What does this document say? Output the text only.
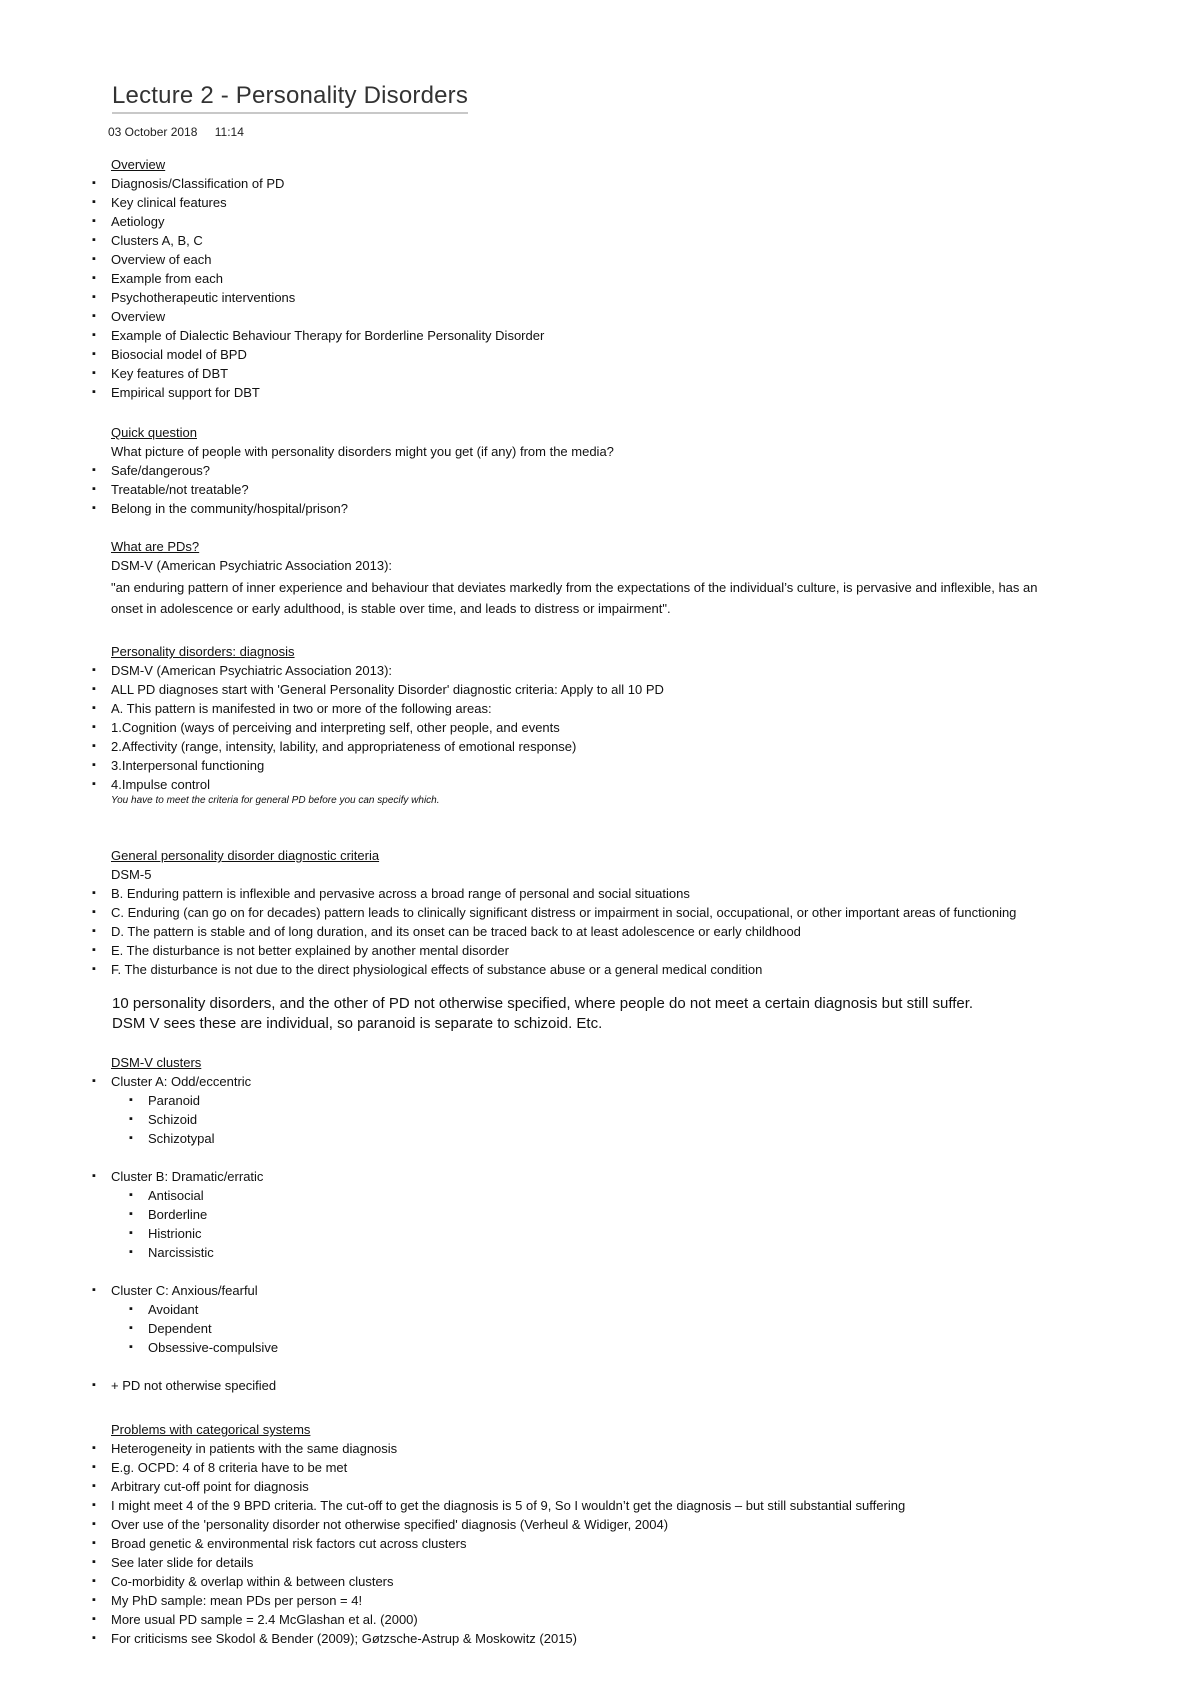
Lecture 2 - Personality Disorders
03 October 2018 11:14
Overview
Diagnosis/Classification of PD
▪
Key clinical features
▪
Aetiology
▪
Clusters A, B, C
▪
Overview of each
▪
Example from each
▪
Psychotherapeutic interventions
▪
Overview
▪
Example of Dialectic Behaviour Therapy for Borderline Personality Disorder
▪
Biosocial model of BPD
▪
Key features of DBT
▪
Empirical support for DBT
▪
Quick question
What picture of people with personality disorders might you get (if any) from the media?
Safe/dangerous?
▪
Treatable/not treatable?
▪
Belong in the community/hospital/prison?
▪
What are PDs?
DSM-V (American Psychiatric Association 2013):
"an enduring pattern of inner experience and behaviour that deviates markedly from the expectations of the individual’s culture, is pervasive and inflexible, has an
onset in adolescence or early adulthood, is stable over time, and leads to distress or impairment".
Personality disorders: diagnosis
DSM-V (American Psychiatric Association 2013):
▪
ALL PD diagnoses start with 'General Personality Disorder' diagnostic criteria: Apply to all 10 PD
▪
A. This pattern is manifested in two or more of the following areas:
▪
1.Cognition (ways of perceiving and interpreting self, other people, and events
▪
2.Affectivity (range, intensity, lability, and appropriateness of emotional response)
▪
3.Interpersonal functioning
▪
4.Impulse control
▪
You have to meet the criteria for general PD before you can specify which.
General personality disorder diagnostic criteria
DSM-5
B. Enduring pattern is inflexible and pervasive across a broad range of personal and social situations
▪
C. Enduring (can go on for decades) pattern leads to clinically significant distress or impairment in social, occupational, or other important areas of functioning
▪
D. The pattern is stable and of long duration, and its onset can be traced back to at least adolescence or early childhood
▪
E. The disturbance is not better explained by another mental disorder
▪
F. The disturbance is not due to the direct physiological effects of substance abuse or a general medical condition
▪
10 personality disorders, and the other of PD not otherwise specified, where people do not meet a certain diagnosis but still suffer.
DSM V sees these are individual, so paranoid is separate to schizoid. Etc.
DSM-V clusters
Cluster A: Odd/eccentric
▪
Paranoid
▪
Schizoid
▪
Schizotypal
▪
Cluster B: Dramatic/erratic
▪
Antisocial
▪
Borderline
▪
Histrionic
▪
Narcissistic
▪
Cluster C: Anxious/fearful
▪
Avoidant
▪
Dependent
▪
Obsessive-compulsive
▪
+ PD not otherwise specified
▪
Problems with categorical systems
Heterogeneity in patients with the same diagnosis
▪
E.g. OCPD: 4 of 8 criteria have to be met
▪
Arbitrary cut-off point for diagnosis
▪
I might meet 4 of the 9 BPD criteria. The cut-off to get the diagnosis is 5 of 9, So I wouldn’t get the diagnosis – but still substantial suffering
▪
Over use of the 'personality disorder not otherwise specified' diagnosis (Verheul & Widiger, 2004)
▪
Broad genetic & environmental risk factors cut across clusters
▪
See later slide for details
▪
Co-morbidity & overlap within & between clusters
▪
My PhD sample: mean PDs per person = 4!
▪
More usual PD sample = 2.4 McGlashan et al. (2000)
▪
For criticisms see Skodol & Bender (2009); Gøtzsche-Astrup & Moskowitz (2015)
▪
